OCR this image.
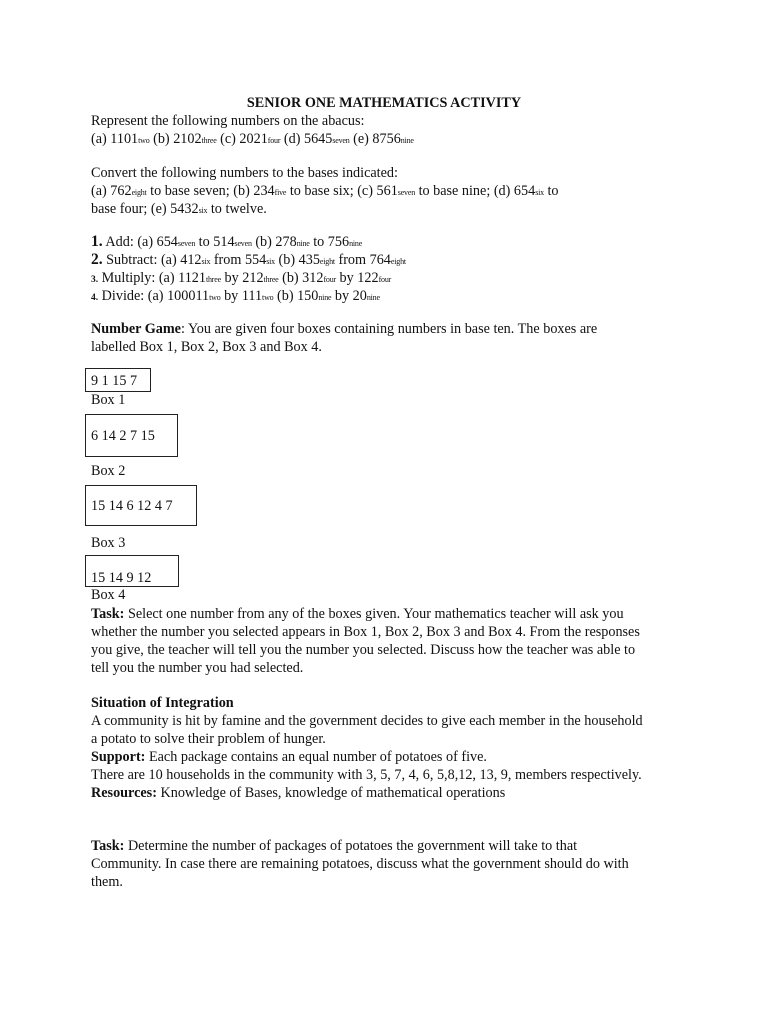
SENIOR ONE MATHEMATICS ACTIVITY
Represent the following numbers on the abacus:
(a) 1101two (b) 2102three (c) 2021four (d) 5645seven (e) 8756nine
Convert the following numbers to the bases indicated:
(a) 762eight to base seven; (b) 234five to base six; (c) 561seven to base nine; (d) 654six to
base four; (e) 5432six to twelve.
1. Add: (a) 654seven to 514seven (b) 278nine to 756nine
2. Subtract: (a) 412six from 554six (b) 435eight from 764eight
3. Multiply: (a) 1121three by 212three (b) 312four by 122four
4. Divide: (a) 100011two by 111two (b) 150nine by 20nine
Number Game: You are given four boxes containing numbers in base ten. The boxes are
labelled Box 1, Box 2, Box 3 and Box 4.
9 1 15 7
Box 1
6 14 2 7 15
Box 2
15 14 6 12 4 7
Box 3
15 14 9 12
Box 4
Task: Select one number from any of the boxes given. Your mathematics teacher will ask you
whether the number you selected appears in Box 1, Box 2, Box 3 and Box 4. From the responses
you give, the teacher will tell you the number you selected. Discuss how the teacher was able to
tell you the number you had selected.
Situation of Integration
A community is hit by famine and the government decides to give each member in the household
a potato to solve their problem of hunger.
Support: Each package contains an equal number of potatoes of five.
There are 10 households in the community with 3, 5, 7, 4, 6, 5,8,12, 13, 9, members respectively.
Resources: Knowledge of Bases, knowledge of mathematical operations
Task: Determine the number of packages of potatoes the government will take to that
Community. In case there are remaining potatoes, discuss what the government should do with
them.
